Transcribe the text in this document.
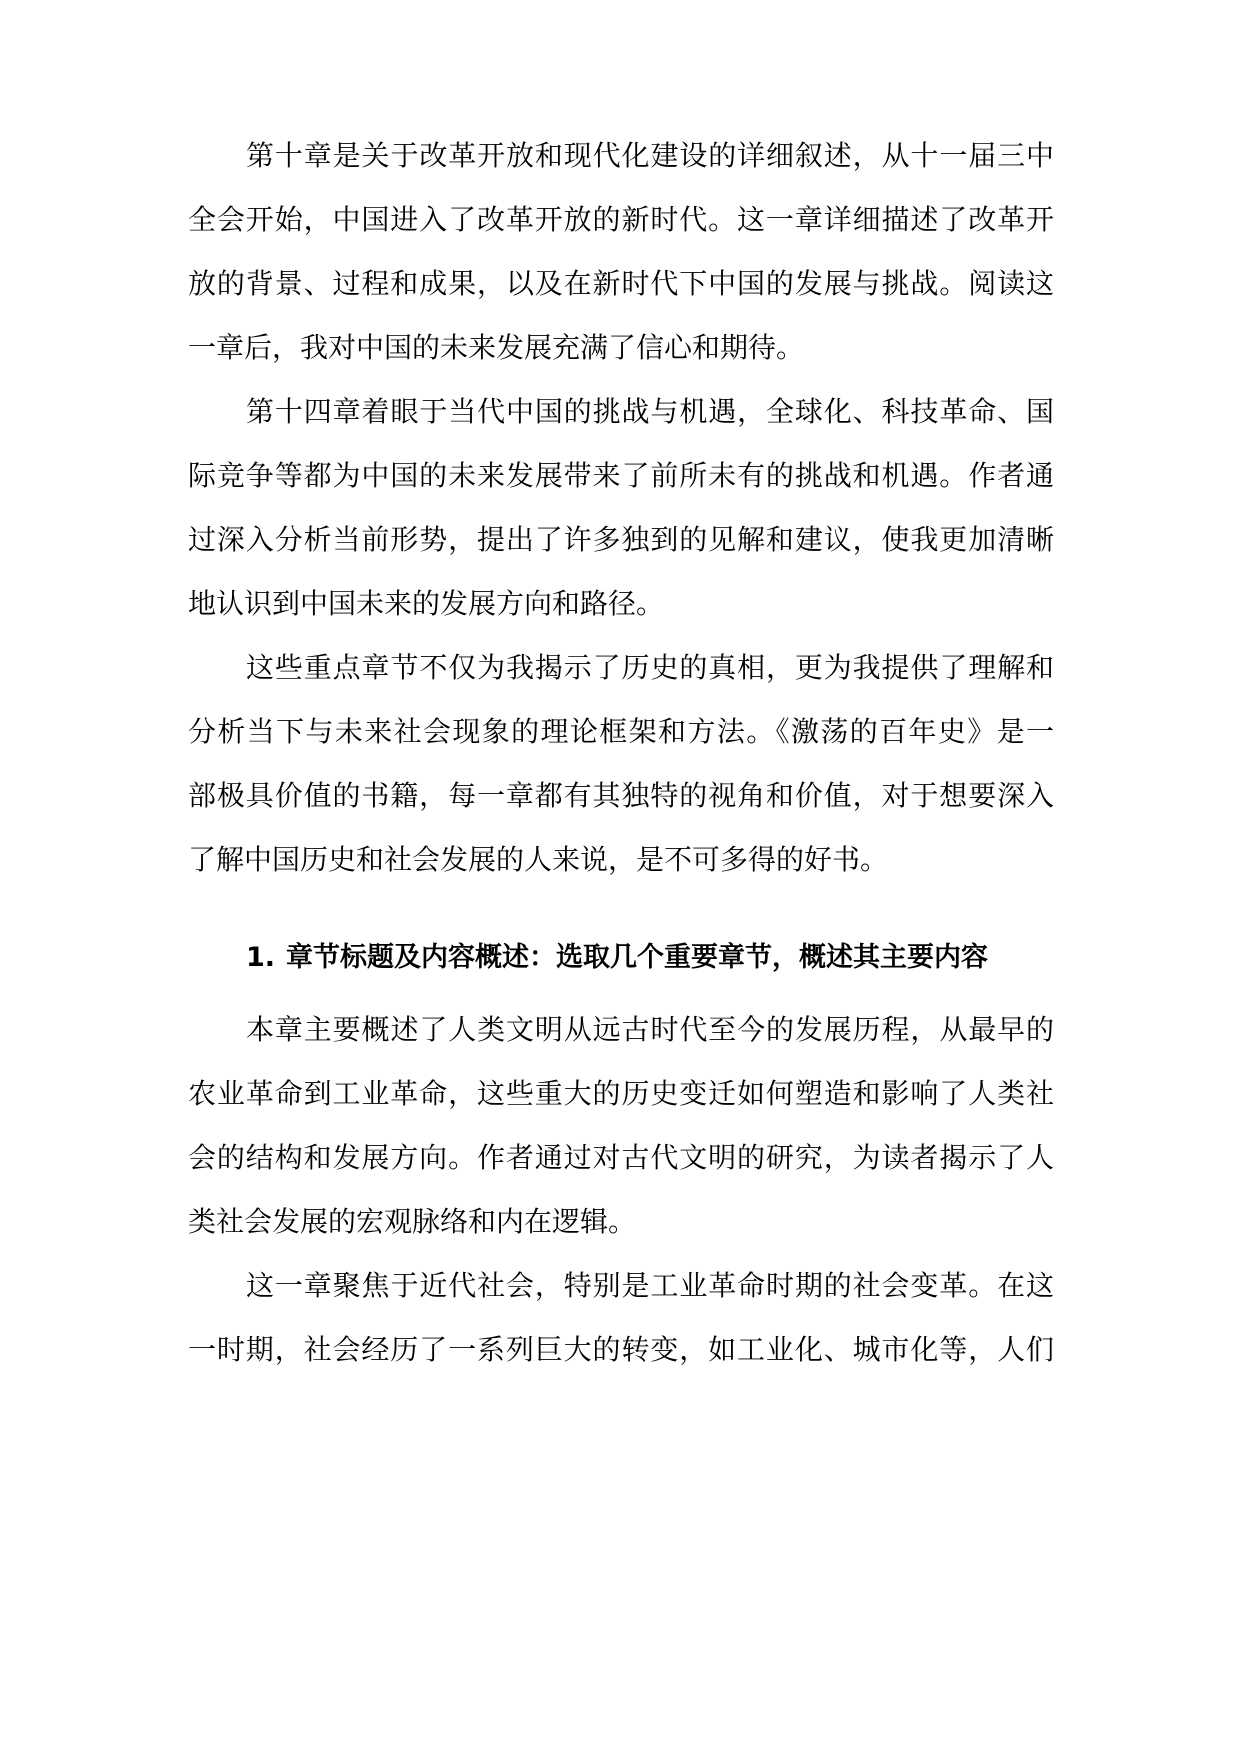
第十章是关于改革开放和现代化建设的详细叙述，从十一届三中
全会开始，中国进入了改革开放的新时代。这一章详细描述了改革开
放的背景、过程和成果，以及在新时代下中国的发展与挑战。阅读这
一章后，我对中国的未来发展充满了信心和期待。
第十四章着眼于当代中国的挑战与机遇，全球化、科技革命、国
际竞争等都为中国的未来发展带来了前所未有的挑战和机遇。作者通
过深入分析当前形势，提出了许多独到的见解和建议，使我更加清晰
地认识到中国未来的发展方向和路径。
这些重点章节不仅为我揭示了历史的真相，更为我提供了理解和
分析当下与未来社会现象的理论框架和方法。《激荡的百年史》是一
部极具价值的书籍，每一章都有其独特的视角和价值，对于想要深入
了解中国历史和社会发展的人来说，是不可多得的好书。
1. 章节标题及内容概述：选取几个重要章节，概述其主要内容
本章主要概述了人类文明从远古时代至今的发展历程，从最早的
农业革命到工业革命，这些重大的历史变迁如何塑造和影响了人类社
会的结构和发展方向。作者通过对古代文明的研究，为读者揭示了人
类社会发展的宏观脉络和内在逻辑。
这一章聚焦于近代社会，特别是工业革命时期的社会变革。在这
一时期，社会经历了一系列巨大的转变，如工业化、城市化等，人们
